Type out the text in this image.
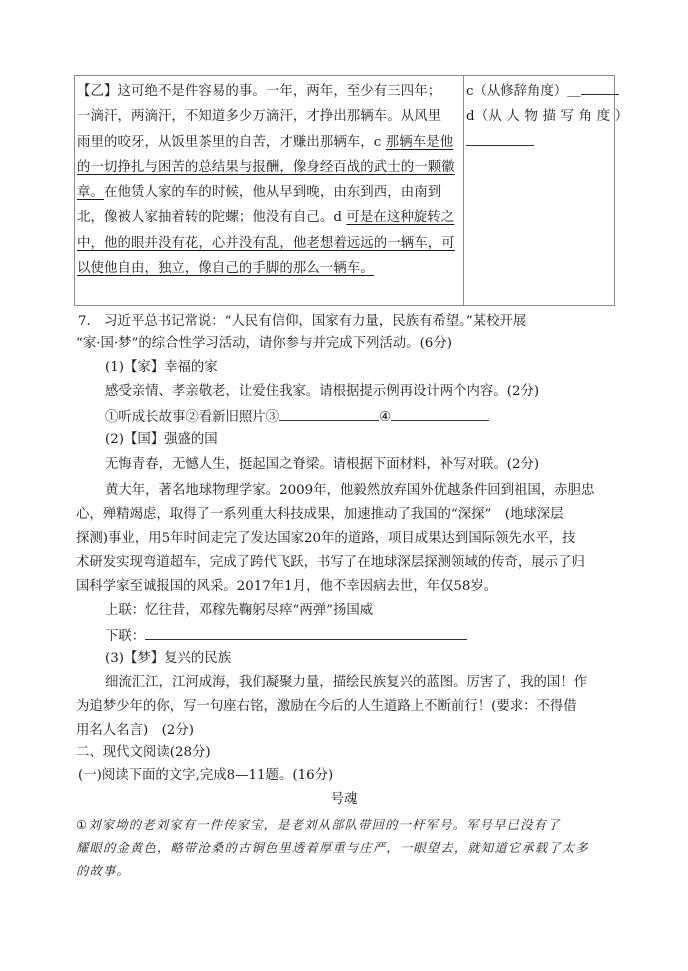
【乙】这可绝不是件容易的事。一年，两年，至少有三四年；
一滴汗，两滴汗，不知道多少万滴汗，才挣出那辆车。从风里
雨里的咬牙，从饭里茶里的自苦，才赚出那辆车，c 那辆车是他
的一切挣扎与困苦的总结果与报酬，像身经百战的武士的一颗徽
章。在他赁人家的车的时候，他从早到晚，由东到西，由南到
北，像被人家抽着转的陀螺；他没有自己。d 可是在这种旋转之
中，他的眼并没有花，心并没有乱，他老想着远远的一辆车，可
以使他自由，独立，像自己的手脚的那么一辆车。
c（从修辞角度）＿
d（从 人 物 描 写 角 度 ）
7.　习近平总书记常说：“人民有信仰，国家有力量，民族有希望。”某校开展
“家·国·梦”的综合性学习活动，请你参与并完成下列活动。(6分)
(1)【家】幸福的家
感受亲情、孝亲敬老，让爱住我家。请根据提示例再设计两个内容。(2分)
①听成长故事②看新旧照片③	④
(2)【国】强盛的国
无悔青春，无憾人生，挺起国之脊梁。请根据下面材料，补写对联。(2分)
黄大年，著名地球物理学家。2009年，他毅然放弃国外优越条件回到祖国，赤胆忠
心，殚精竭虑，取得了一系列重大科技成果，加速推动了我国的“深探”　(地球深层
探测)事业，用5年时间走完了发达国家20年的道路，项目成果达到国际领先水平，技
术研发实现弯道超车，完成了跨代飞跃，书写了在地球深层探测领域的传奇，展示了归
国科学家至诚报国的风采。2017年1月，他不幸因病去世，年仅58岁。
上联：忆往昔，邓稼先鞠躬尽瘁“两弹”扬国威
下联：
(3)【梦】复兴的民族
细流汇江，江河成海，我们凝聚力量，描绘民族复兴的蓝图。厉害了，我的国！作
为追梦少年的你，写一句座右铭，激励在今后的人生道路上不断前行！(要求：不得借
用名人名言)　(2分)
二、现代文阅读(28分)
(一)阅读下面的文字,完成8—11题。(16分)
号魂
①刘家坳的老刘家有一件传家宝，是老刘从部队带回的一杆军号。军号早已没有了
耀眼的金黄色，略带沧桑的古铜色里透着厚重与庄严，一眼望去，就知道它承载了太多
的故事。
